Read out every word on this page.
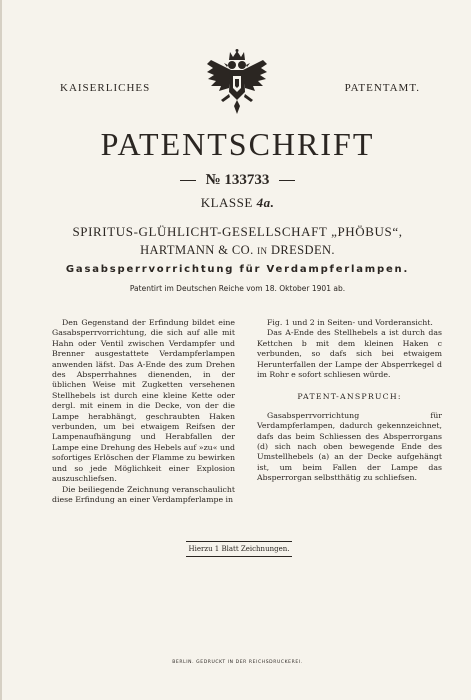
KAISERLICHES	PATENTAMT.
PATENTSCHRIFT
№ 133733
KLASSE 4a.
SPIRITUS-GLÜHLICHT-GESELLSCHAFT „PHÖBUS“,
HARTMANN & CO. IN DRESDEN.
Gasabsperrvorrichtung für Verdampferlampen.
Patentirt im Deutschen Reiche vom 18. Oktober 1901 ab.

Den Gegenstand der Erfindung bildet eine Gasabsperrvorrichtung, die sich auf alle mit Hahn oder Ventil zwischen Verdampfer und Brenner ausgestattete Verdampferlampen anwenden läfst. Das A-Ende des zum Drehen des Absperrhahnes dienenden, in der üblichen Weise mit Zugketten versehenen Stellhebels ist durch eine kleine Kette oder dergl. mit einem in die Decke, von der die Lampe herabhängt, geschraubten Haken verbunden, um bei etwaigem Reifsen der Lampenaufhängung und Herabfallen der Lampe eine Drehung des Hebels auf »zu« und sofortiges Erlöschen der Flamme zu bewirken und so jede Möglichkeit einer Explosion auszuschliefsen.

Die beiliegende Zeichnung veranschaulicht diese Erfindung an einer Verdampferlampe in

Fig. 1 und 2 in Seiten- und Vorderansicht.

Das A-Ende des Stellhebels a ist durch das Kettchen b mit dem kleinen Haken c verbunden, so dafs sich bei etwaigem Herunterfallen der Lampe der Absperrkegel d im Rohr e sofort schliesen würde.

PATENT-ANSPRUCH:

Gasabsperrvorrichtung für Verdampferlampen, dadurch gekennzeichnet, dafs das beim Schliessen des Absperrorgans (d) sich nach oben bewegende Ende des Umstellhebels (a) an der Decke aufgehängt ist, um beim Fallen der Lampe das Absperrorgan selbstthätig zu schliefsen.

Hierzu 1 Blatt Zeichnungen.
BERLIN. GEDRUCKT IN DER REICHSDRUCKEREI.
